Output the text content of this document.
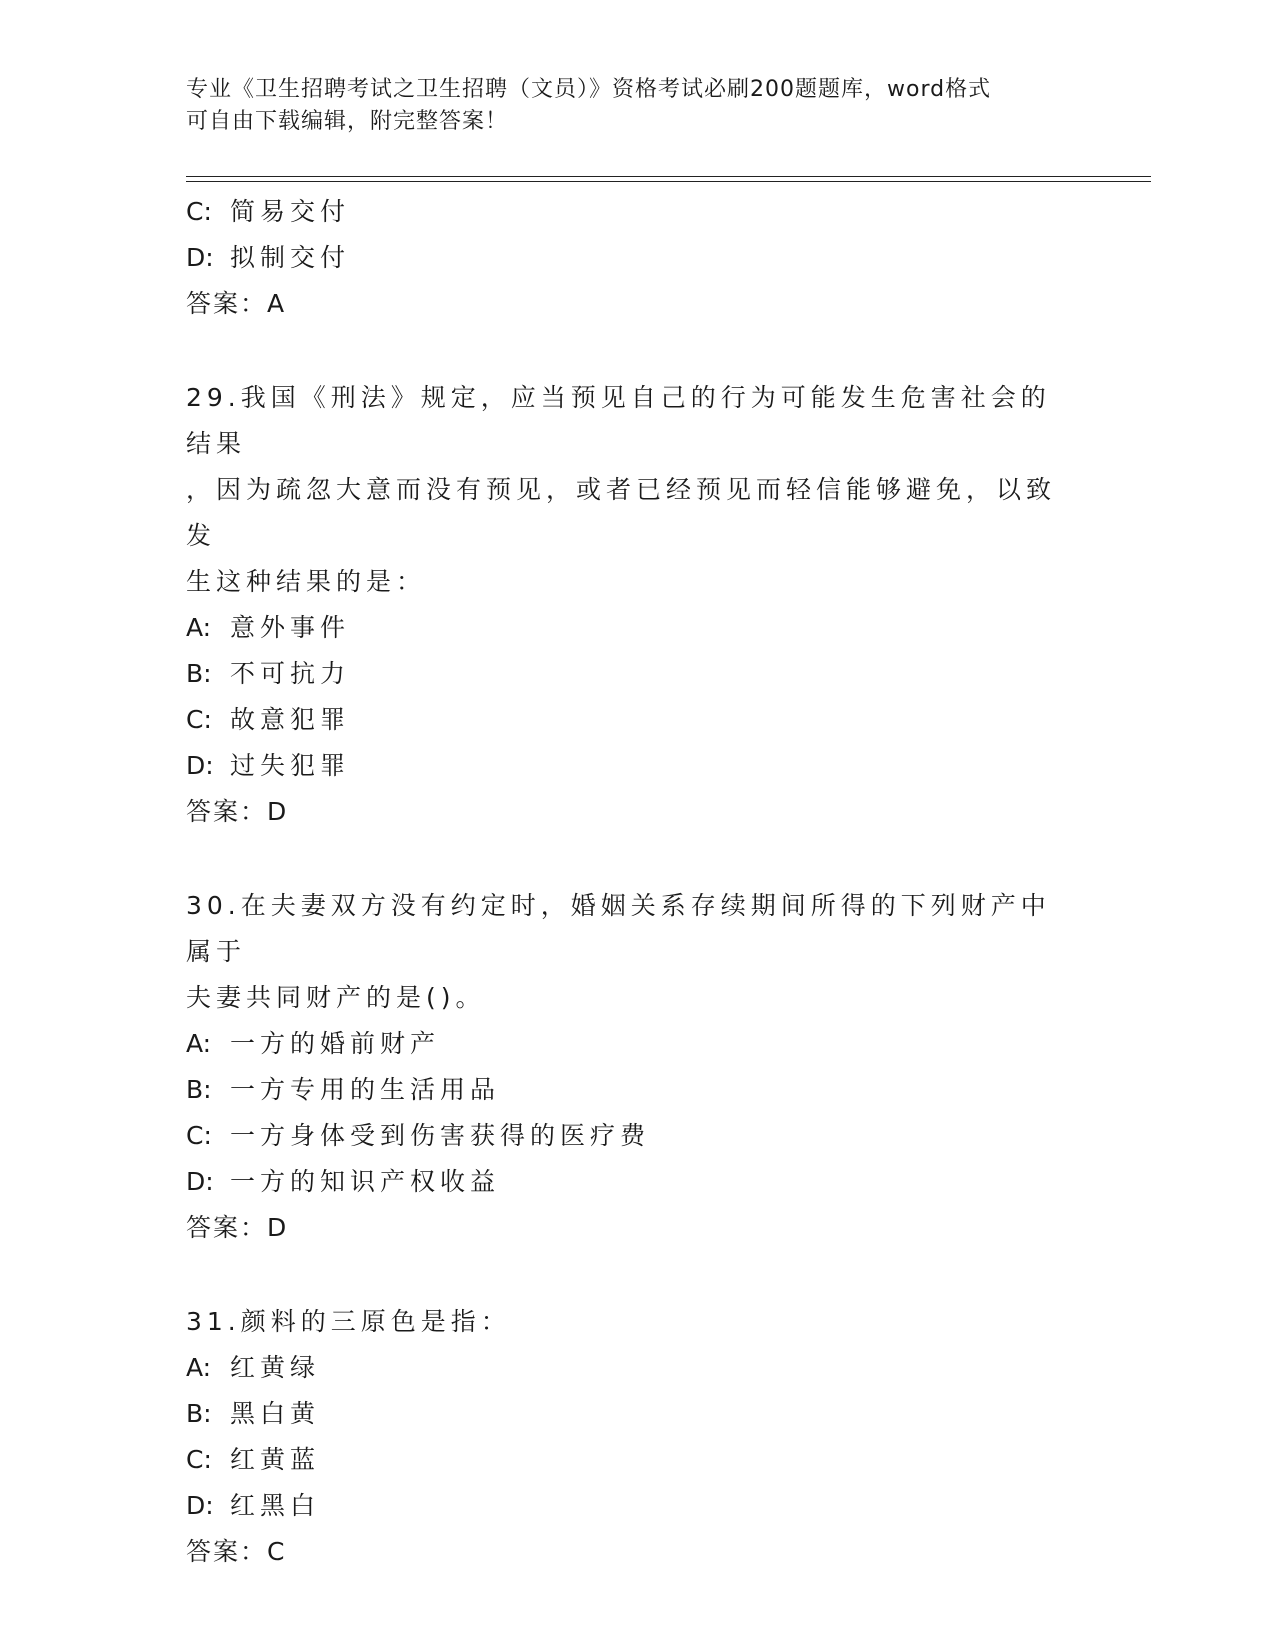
专业《卫生招聘考试之卫生招聘（文员）》资格考试必刷200题题库，word格式
可自由下载编辑，附完整答案！
C: 简易交付
D: 拟制交付
答案：A
29.我国《刑法》规定，应当预见自己的行为可能发生危害社会的结果
，因为疏忽大意而没有预见，或者已经预见而轻信能够避免，以致发
生这种结果的是：
A: 意外事件
B: 不可抗力
C: 故意犯罪
D: 过失犯罪
答案：D
30.在夫妻双方没有约定时，婚姻关系存续期间所得的下列财产中属于
夫妻共同财产的是()。
A: 一方的婚前财产
B: 一方专用的生活用品
C: 一方身体受到伤害获得的医疗费
D: 一方的知识产权收益
答案：D
31.颜料的三原色是指：
A: 红黄绿
B: 黑白黄
C: 红黄蓝
D: 红黑白
答案：C
